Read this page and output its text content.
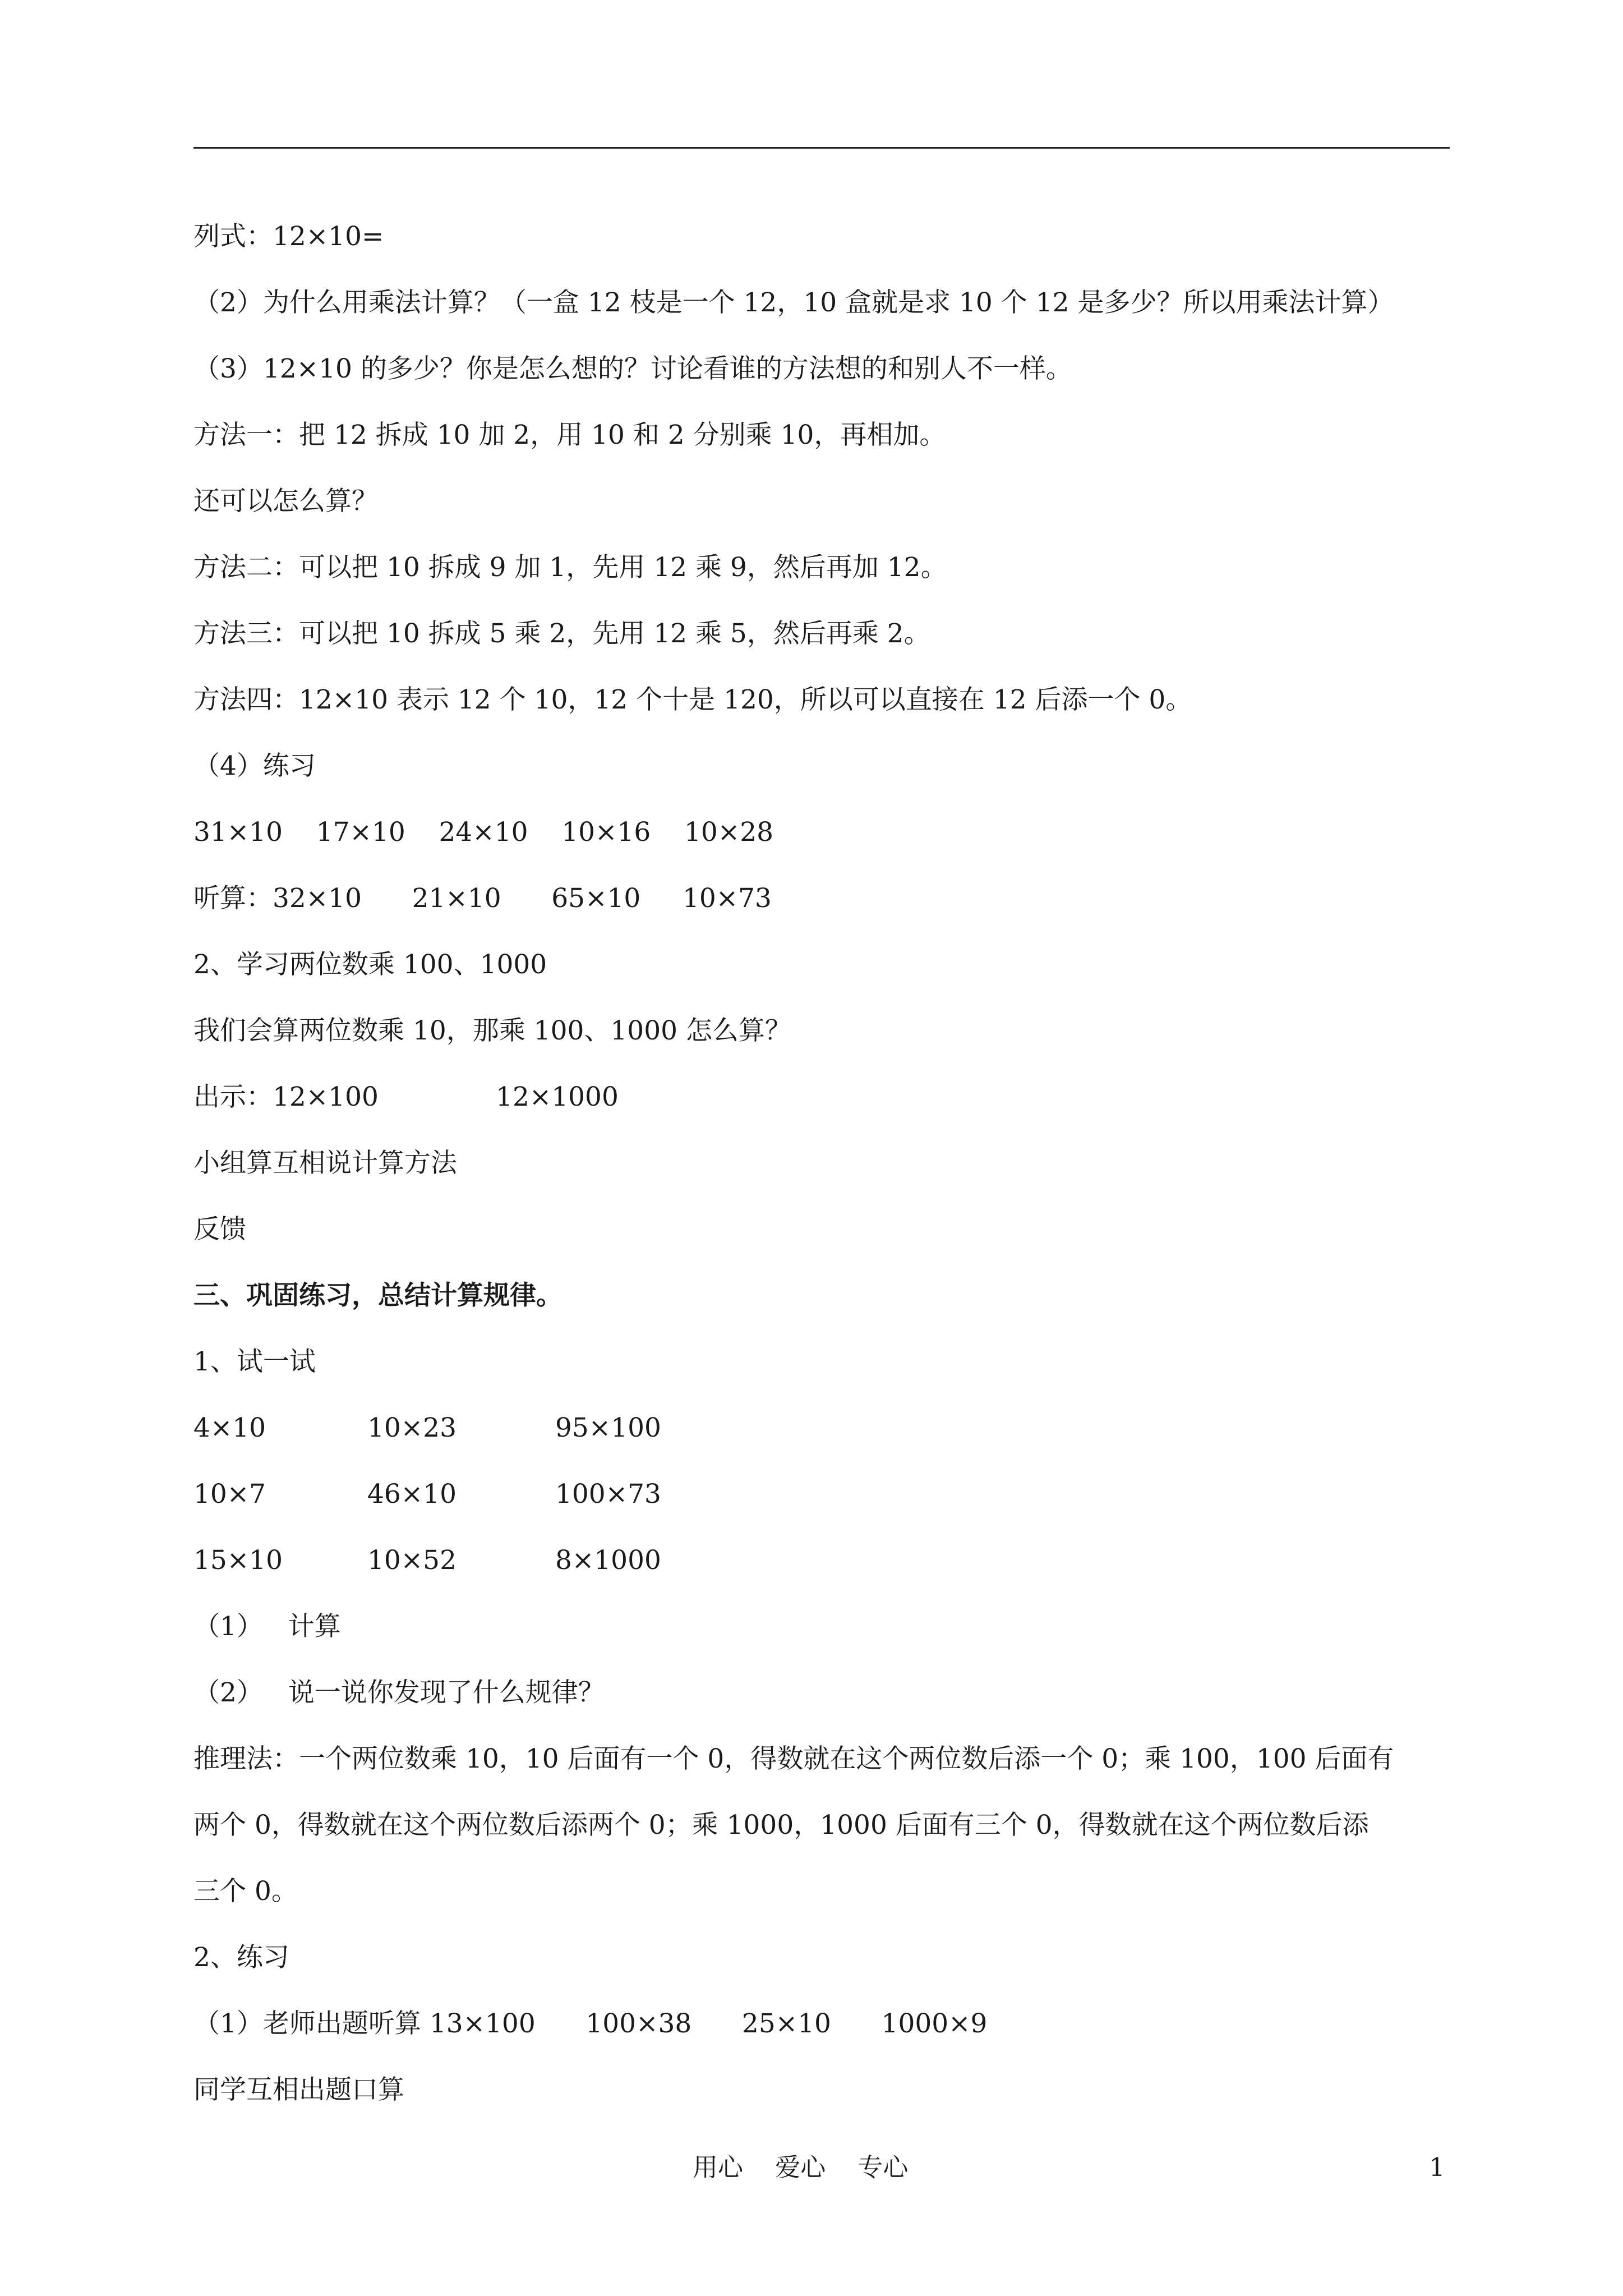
列式：12×10=
（2）为什么用乘法计算？（一盒 12 枝是一个 12，10 盒就是求 10 个 12 是多少？所以用乘法计算）
（3）12×10 的多少？你是怎么想的？讨论看谁的方法想的和别人不一样。
方法一：把 12 拆成 10 加 2，用 10 和 2 分别乘 10，再相加。
还可以怎么算？
方法二：可以把 10 拆成 9 加 1，先用 12 乘 9，然后再加 12。
方法三：可以把 10 拆成 5 乘 2，先用 12 乘 5，然后再乘 2。
方法四：12×10 表示 12 个 10，12 个十是 120，所以可以直接在 12 后添一个 0。
（4）练习
31×10    17×10    24×10    10×16    10×28
听算：32×10      21×10      65×10     10×73
2、学习两位数乘 100、1000
我们会算两位数乘 10，那乘 100、1000 怎么算？
出示：12×100              12×1000
小组算互相说计算方法
反馈
三、巩固练习，总结计算规律。
1、试一试
4×10	10×23	95×100
10×7	46×10	100×73
15×10	10×52	8×1000
（1）   计算
（2）   说一说你发现了什么规律？
推理法：一个两位数乘 10，10 后面有一个 0，得数就在这个两位数后添一个 0；乘 100，100 后面有
两个 0，得数就在这个两位数后添两个 0；乘 1000，1000 后面有三个 0，得数就在这个两位数后添
三个 0。
2、练习
（1）老师出题听算 13×100      100×38      25×10      1000×9
同学互相出题口算
用心    爱心    专心	1
